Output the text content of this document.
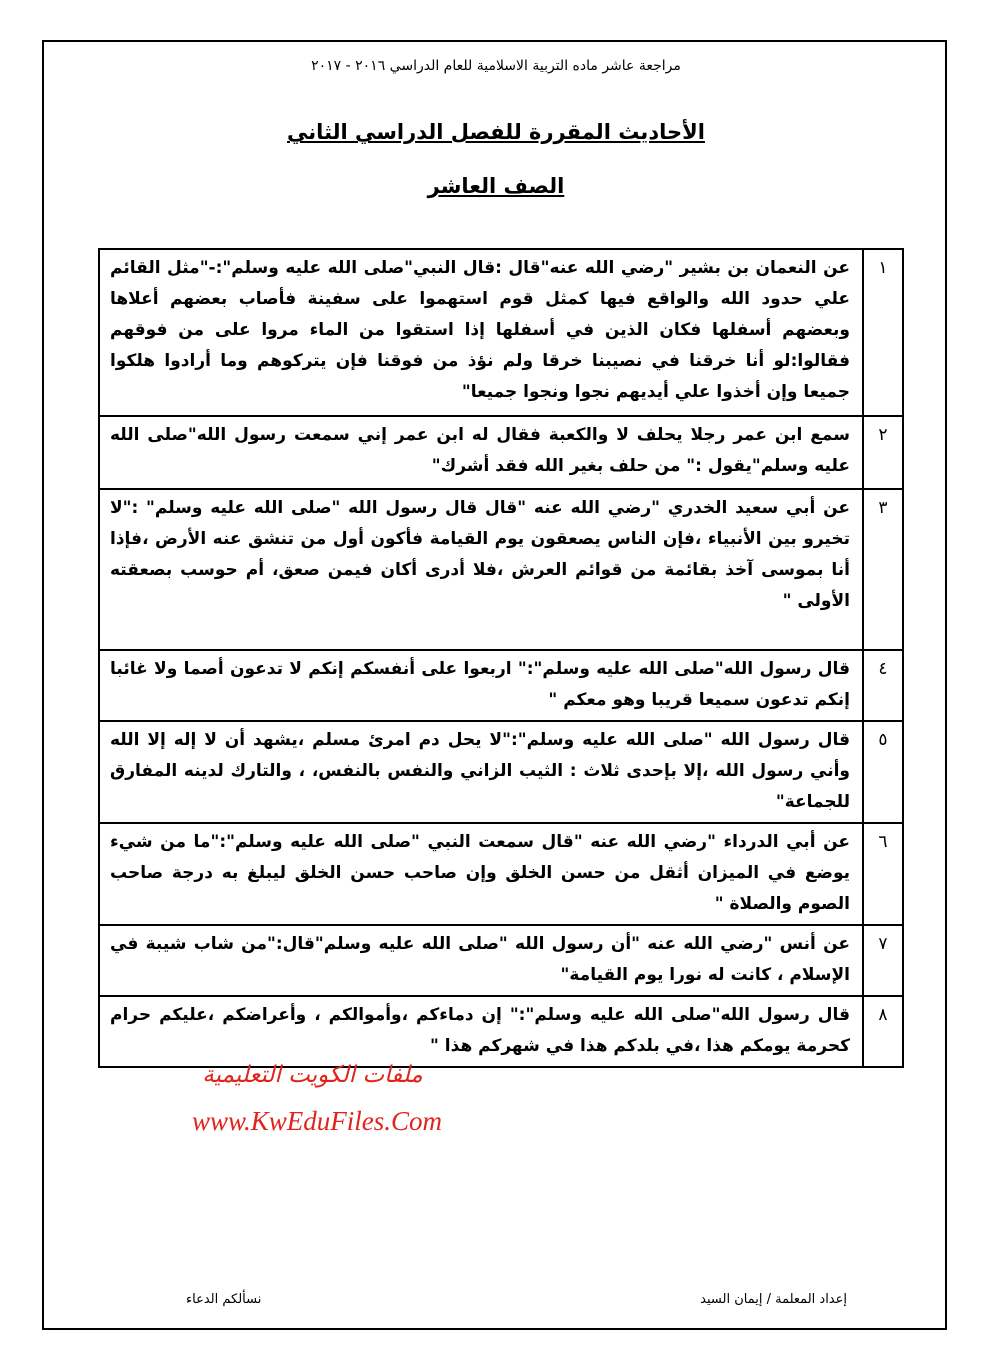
مراجعة عاشر ماده التربية الاسلامية للعام الدراسي ٢٠١٦ - ٢٠١٧
الأحاديث المقررة للفصل الدراسي الثاني
الصف العاشر
١	عن النعمان بن بشير "رضي الله عنه"قال :قال النبي"صلى الله عليه وسلم":-"مثل القائم علي حدود الله والواقع فيها كمثل قوم استهموا على سفينة فأصاب بعضهم أعلاها وبعضهم أسفلها فكان الذين في أسفلها إذا استقوا من الماء مروا على من فوقهم فقالوا:لو أنا خرقنا في نصيبنا خرقا ولم نؤذ من فوقنا فإن يتركوهم وما أرادوا هلكوا جميعا وإن أخذوا علي أيديهم نجوا ونجوا جميعا"
٢	سمع ابن عمر رجلا يحلف لا والكعبة فقال له ابن عمر إني سمعت رسول الله"صلى الله عليه وسلم"يقول :" من حلف بغير الله فقد أشرك"
٣	عن أبي سعيد الخدري "رضي الله عنه "قال قال رسول الله "صلى الله عليه وسلم" :"لا تخيرو بين الأنبياء ،فإن الناس يصعقون يوم القيامة فأكون أول من تنشق عنه الأرض ،فإذا أنا بموسى آخذ بقائمة من قوائم العرش ،فلا أدرى أكان فيمن صعق، أم حوسب بصعقته الأولى "
٤	قال رسول الله"صلى الله عليه وسلم":" اربعوا على أنفسكم إنكم لا تدعون أصما ولا غائبا إنكم تدعون سميعا قريبا وهو معكم "
٥	قال رسول الله "صلى الله عليه وسلم":"لا يحل دم امرئ مسلم ،يشهد أن لا إله إلا الله وأني رسول الله ،إلا بإحدى ثلاث : الثيب الزاني والنفس بالنفس، ، والتارك لدينه المفارق للجماعة"
٦	عن أبي الدرداء "رضي الله عنه "قال سمعت النبي "صلى الله عليه وسلم":"ما من شيء يوضع في الميزان أثقل من حسن الخلق وإن صاحب حسن الخلق ليبلغ به درجة صاحب الصوم والصلاة "
٧	عن أنس "رضي الله عنه "أن رسول الله "صلى الله عليه وسلم"قال:"من شاب شيبة في الإسلام ، كانت له نورا يوم القيامة"
٨	قال رسول الله"صلى الله عليه وسلم":" إن دماءكم ،وأموالكم ، وأعراضكم ،عليكم حرام كحرمة يومكم هذا ،في بلدكم هذا في شهركم هذا "
ملفات الكويت التعليمية
www.KwEduFiles.Com
إعداد المعلمة / إيمان السيد
نسألكم الدعاء
